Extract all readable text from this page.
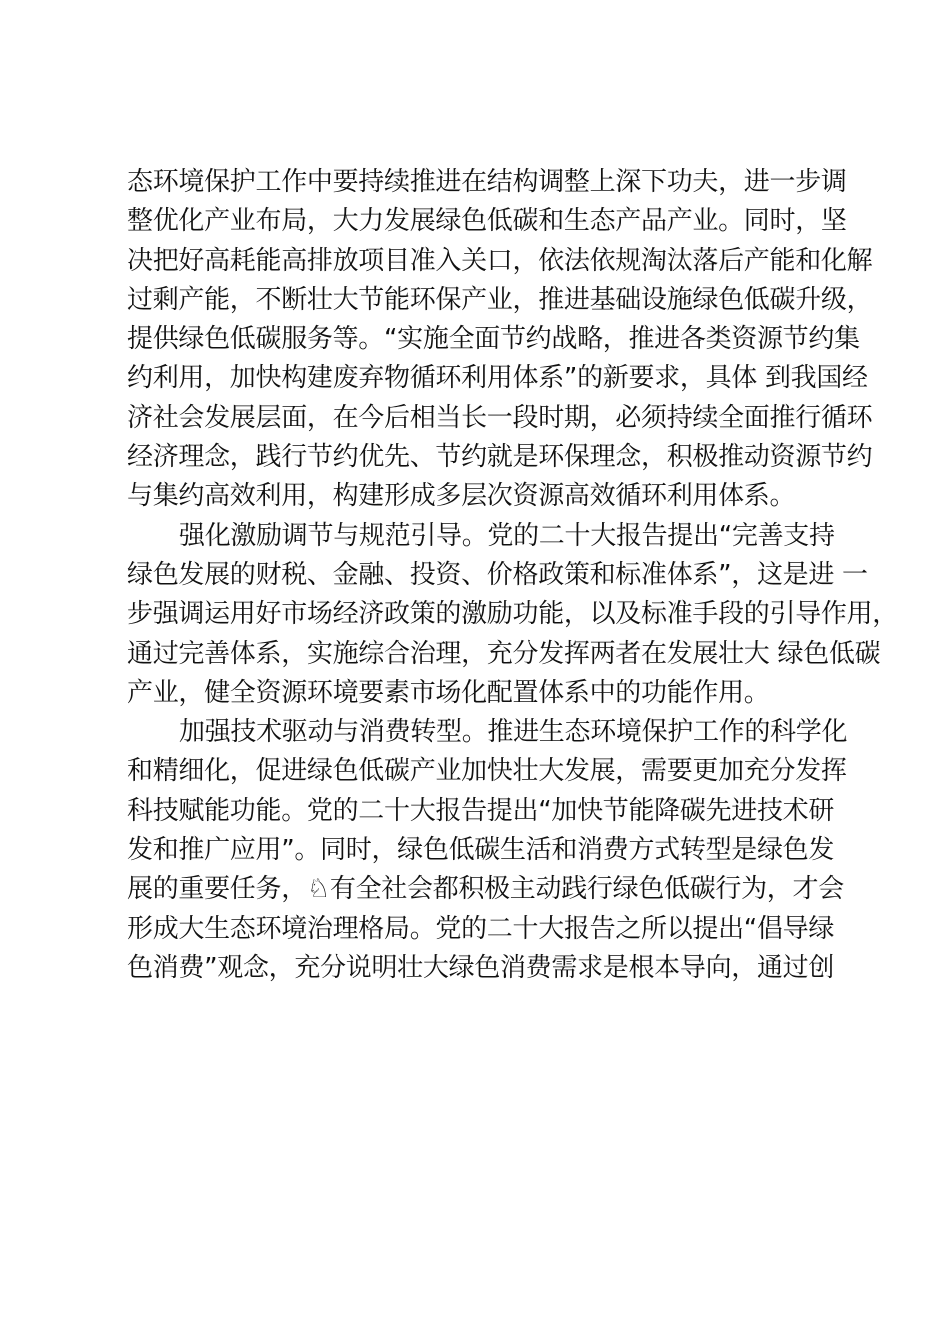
态环境保护工作中要持续推进在结构调整上深下功夫，进一步调
整优化产业布局，大力发展绿色低碳和生态产品产业。同时，坚
决把好高耗能高排放项目准入关口，依法依规淘汰落后产能和化解
过剩产能，不断壮大节能环保产业，推进基础设施绿色低碳升级，
提供绿色低碳服务等。“实施全面节约战略，推进各类资源节约集
约利用，加快构建废弃物循环利用体系”的新要求，具体 到我国经
济社会发展层面，在今后相当长一段时期，必须持续全面推行循环
经济理念，践行节约优先、节约就是环保理念，积极推动资源节约
与集约高效利用，构建形成多层次资源高效循环利用体系。
强化激励调节与规范引导。党的二十大报告提出“完善支持
绿色发展的财税、金融、投资、价格政策和标准体系”，这是进 一
步强调运用好市场经济政策的激励功能，以及标准手段的引导作用，
通过完善体系，实施综合治理，充分发挥两者在发展壮大 绿色低碳
产业，健全资源环境要素市场化配置体系中的功能作用。
加强技术驱动与消费转型。推进生态环境保护工作的科学化
和精细化，促进绿色低碳产业加快壮大发展，需要更加充分发挥
科技赋能功能。党的二十大报告提出“加快节能降碳先进技术研
发和推广应用”。同时，绿色低碳生活和消费方式转型是绿色发
展的重要任务，♘有全社会都积极主动践行绿色低碳行为，才会
形成大生态环境治理格局。党的二十大报告之所以提出“倡导绿
色消费”观念，充分说明壮大绿色消费需求是根本导向，通过创
